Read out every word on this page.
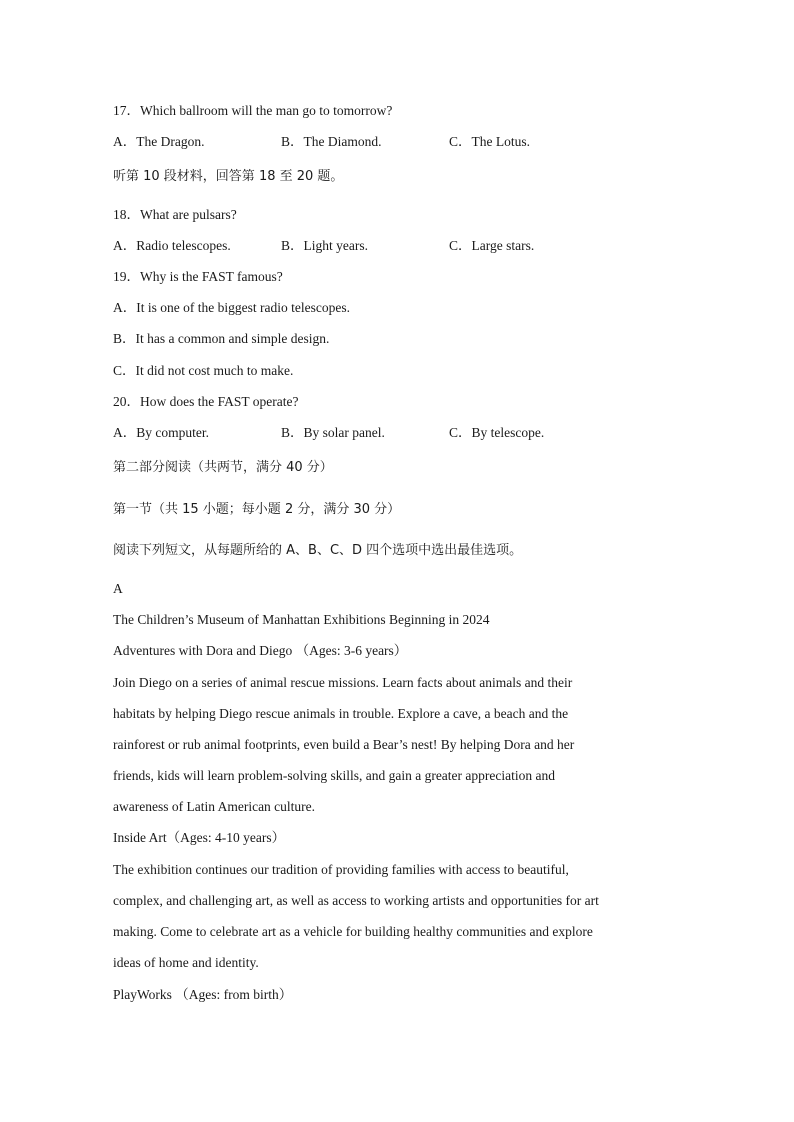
17．Which ballroom will the man go to tomorrow?
A．The Dragon.	B．The Diamond.	C．The Lotus.
听第 10 段材料，回答第 18 至 20 题。
18．What are pulsars?
A．Radio telescopes.	B．Light years.	C．Large stars.
19．Why is the FAST famous?
A．It is one of the biggest radio telescopes.
B．It has a common and simple design.
C．It did not cost much to make.
20．How does the FAST operate?
A．By computer.	B．By solar panel.	C．By telescope.
第二部分阅读（共两节，满分 40 分）
第一节（共 15 小题；每小题 2 分，满分 30 分）
阅读下列短文，从每题所给的 A、B、C、D 四个选项中选出最佳选项。
A
The Children’s Museum of Manhattan Exhibitions Beginning in 2024
Adventures with Dora and Diego （Ages: 3-6 years）
Join Diego on a series of animal rescue missions. Learn facts about animals and their
habitats by helping Diego rescue animals in trouble. Explore a cave, a beach and the
rainforest or rub animal footprints, even build a Bear’s nest! By helping Dora and her
friends, kids will learn problem-solving skills, and gain a greater appreciation and
awareness of Latin American culture.
Inside Art（Ages: 4-10 years）
The exhibition continues our tradition of providing families with access to beautiful,
complex, and challenging art, as well as access to working artists and opportunities for art
making. Come to celebrate art as a vehicle for building healthy communities and explore
ideas of home and identity.
PlayWorks （Ages: from birth）
